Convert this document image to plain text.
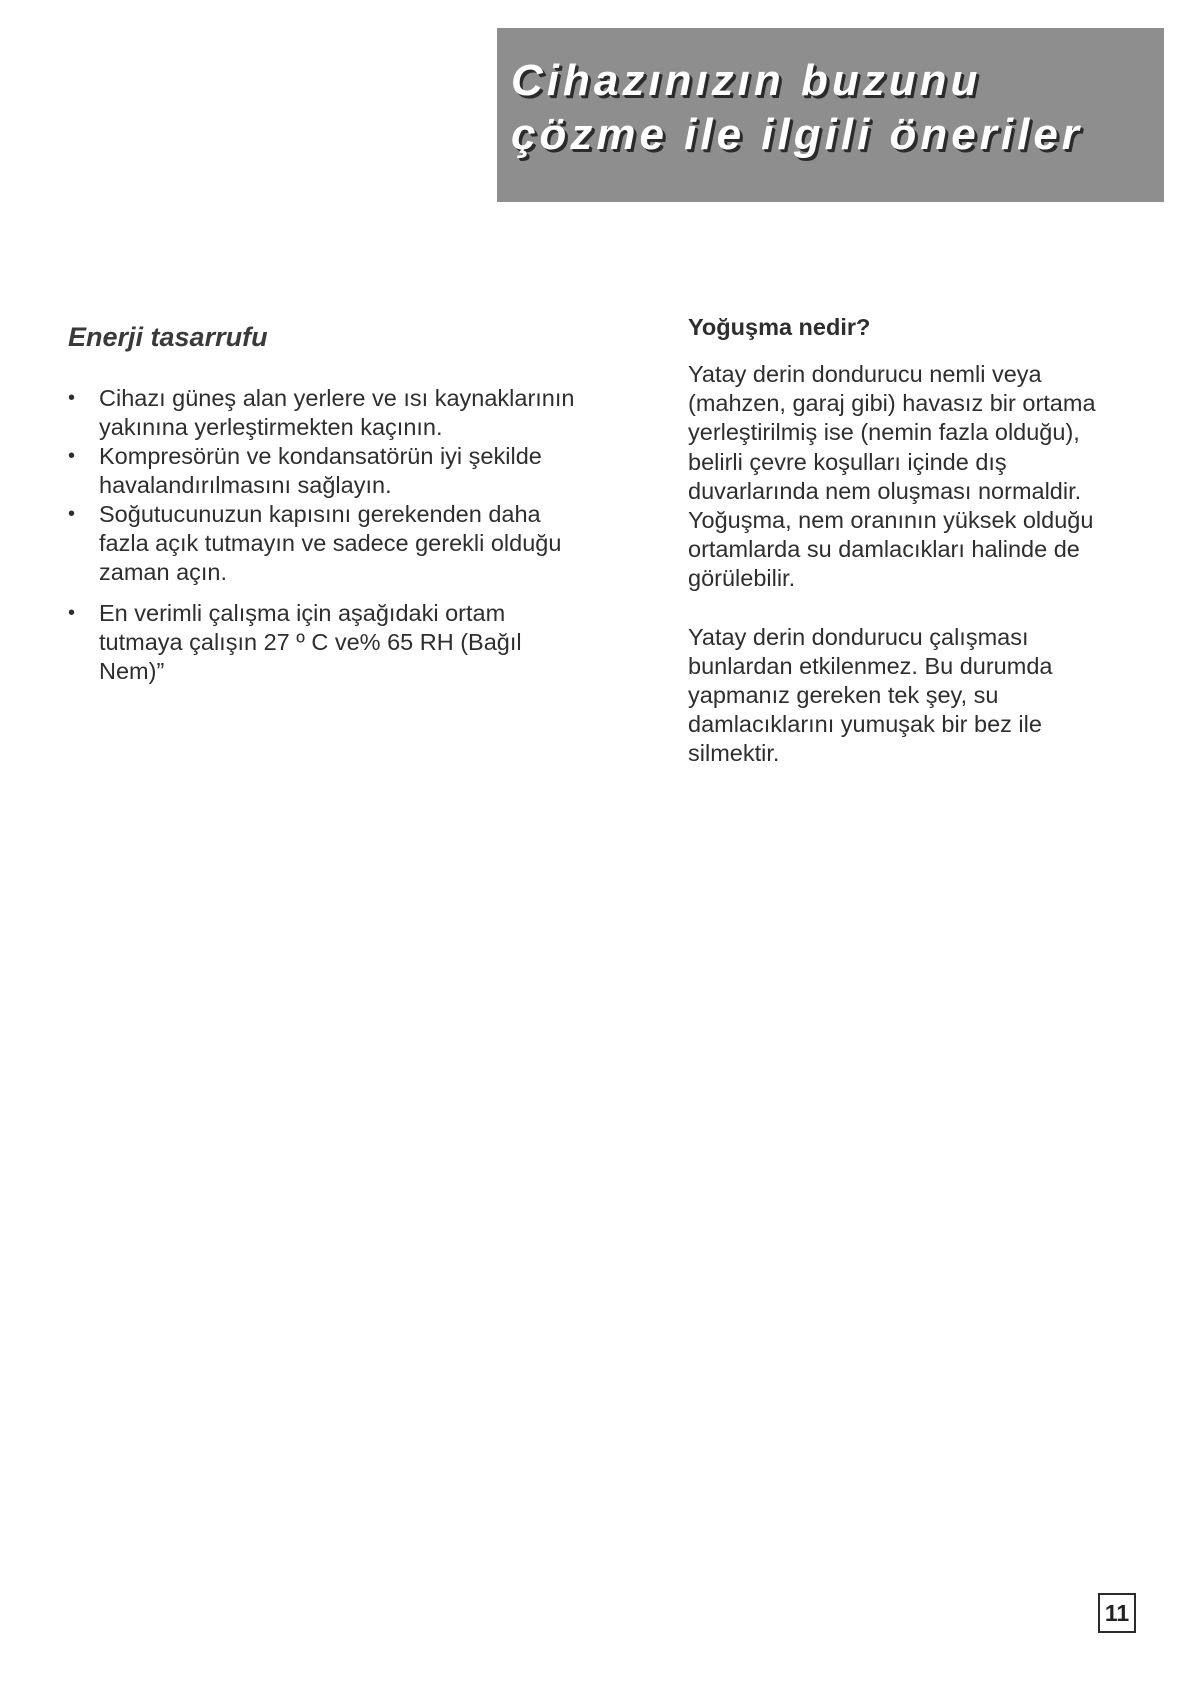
Cihazınızın buzunu
çözme ile ilgili öneriler
Enerji tasarrufu
•	Cihazı güneş alan yerlere ve ısı kaynaklarının
yakınına yerleştirmekten kaçının.
•	Kompresörün ve kondansatörün iyi şekilde
havalandırılmasını sağlayın.
•	Soğutucunuzun kapısını gerekenden daha
fazla açık tutmayın ve sadece gerekli olduğu
zaman açın.
•	En verimli çalışma için aşağıdaki ortam
tutmaya çalışın 27 º C ve% 65 RH (Bağıl
Nem)”
Yoğuşma nedir?

Yatay derin dondurucu nemli veya
(mahzen, garaj gibi) havasız bir ortama
yerleştirilmiş ise (nemin fazla olduğu),
belirli çevre koşulları içinde dış
duvarlarında nem oluşması normaldir.
Yoğuşma, nem oranının yüksek olduğu
ortamlarda su damlacıkları halinde de
görülebilir.

Yatay derin dondurucu çalışması
bunlardan etkilenmez. Bu durumda
yapmanız gereken tek şey, su
damlacıklarını yumuşak bir bez ile
silmektir.

11
